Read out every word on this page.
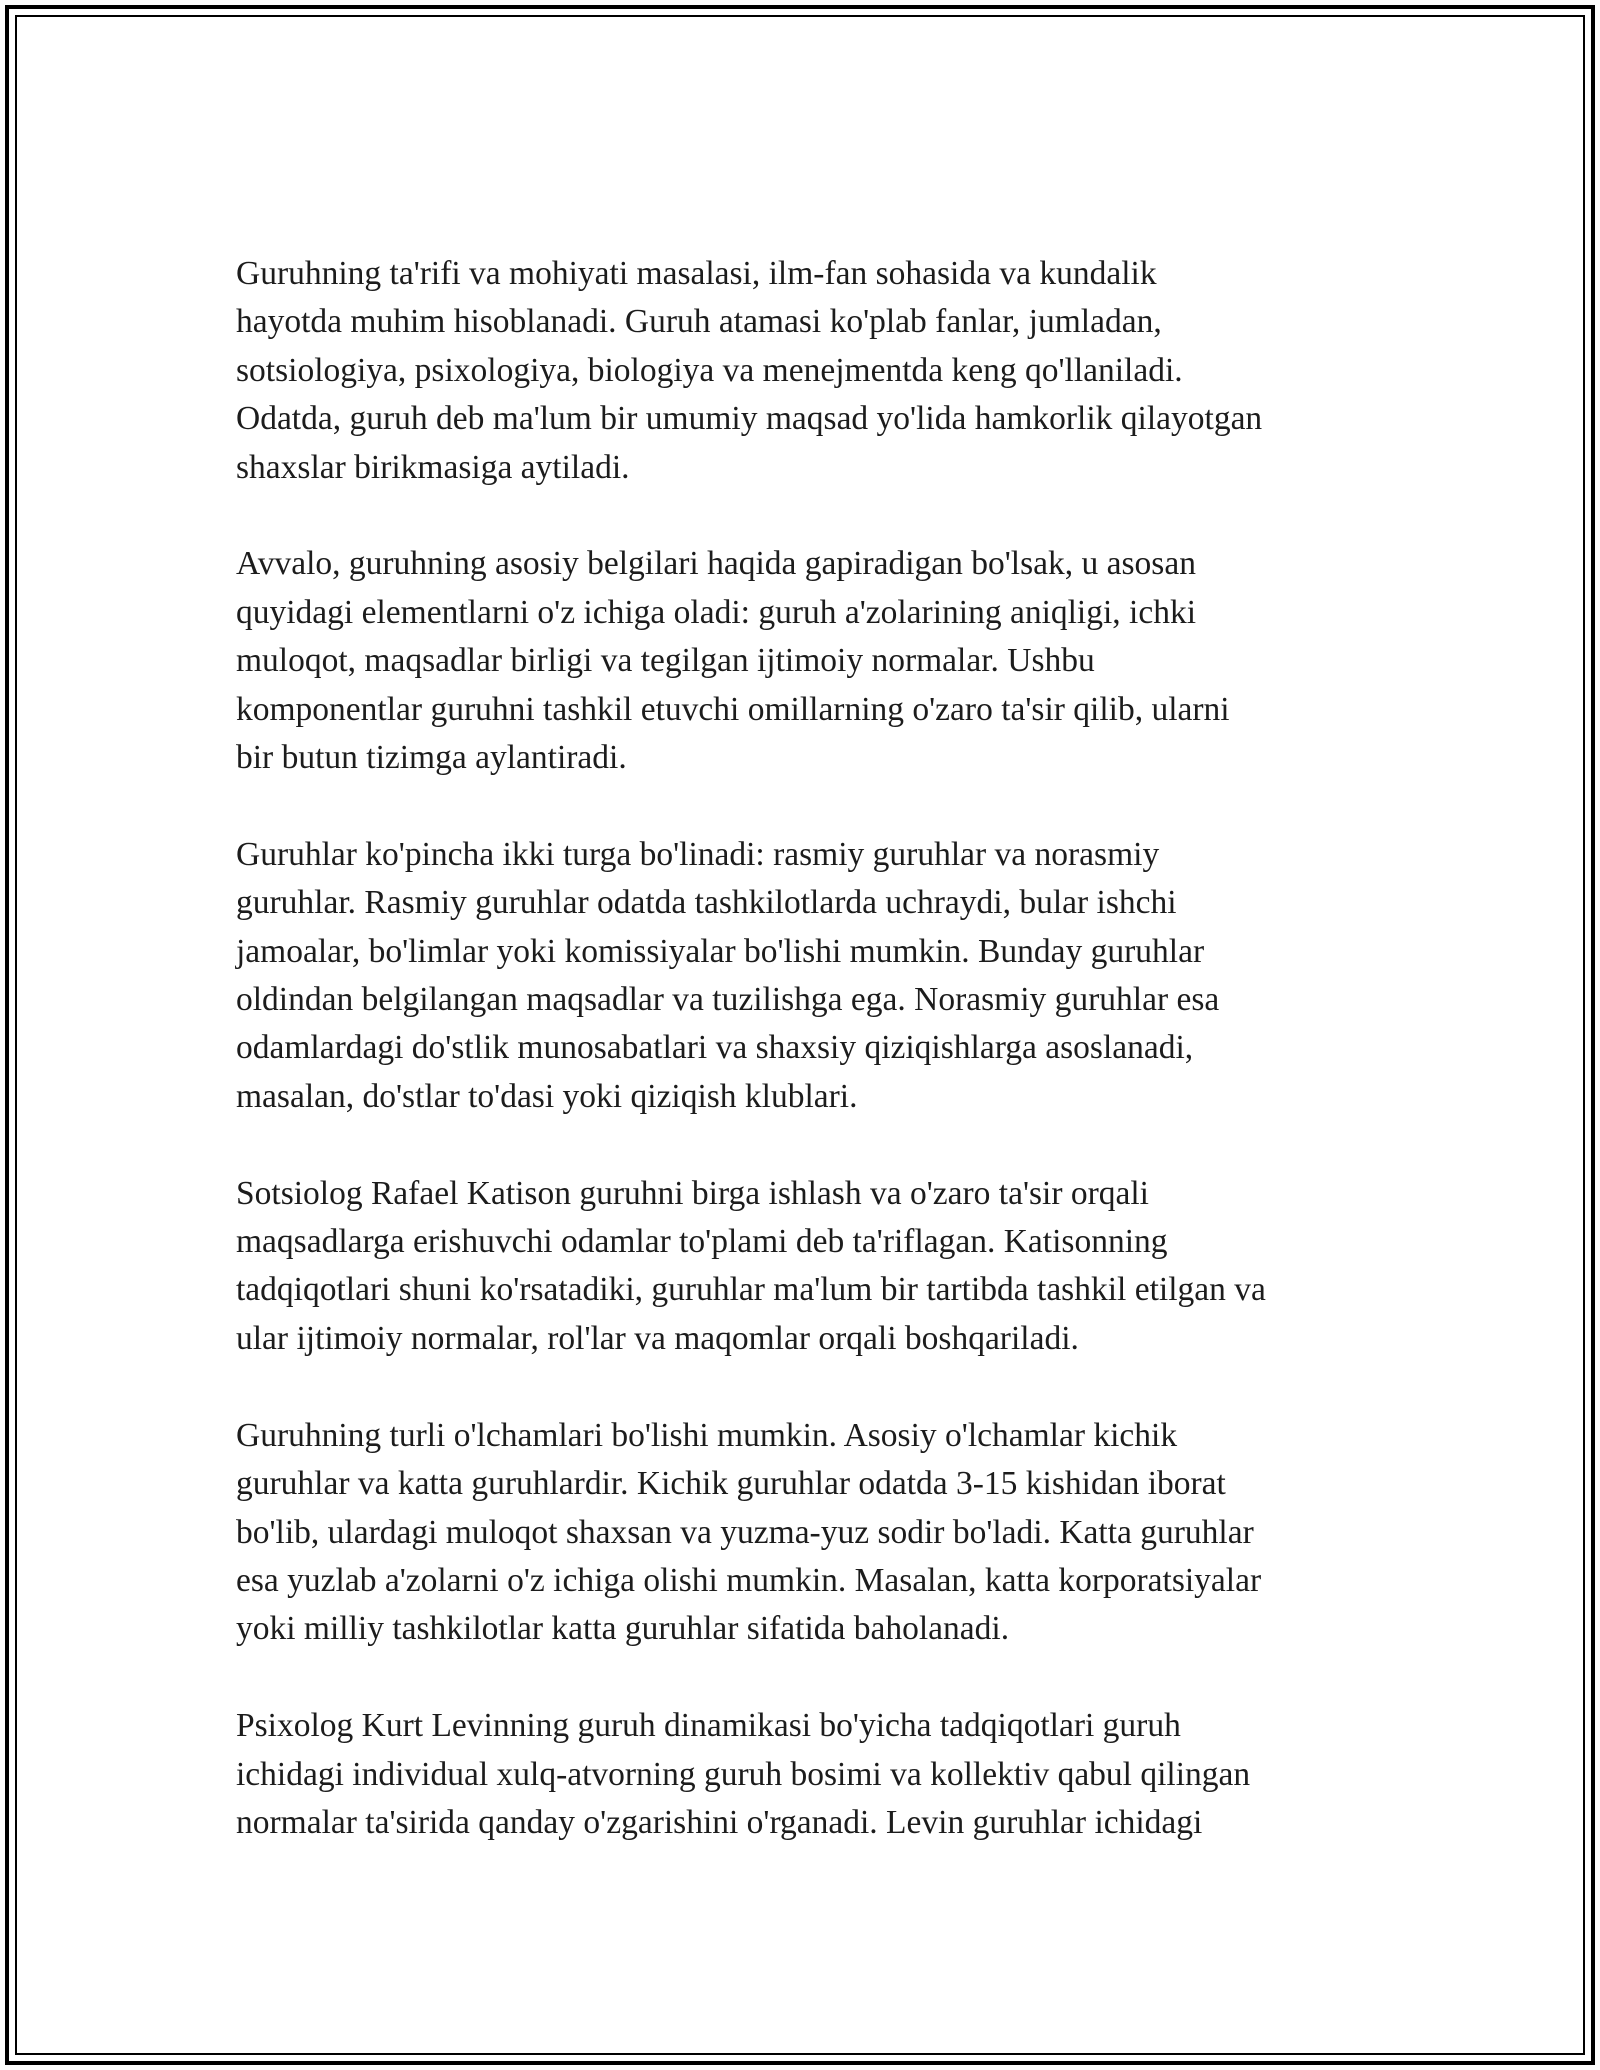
Guruhning ta'rifi va mohiyati masalasi, ilm-fan sohasida va kundalik
hayotda muhim hisoblanadi. Guruh atamasi ko'plab fanlar, jumladan,
sotsiologiya, psixologiya, biologiya va menejmentda keng qo'llaniladi.
Odatda, guruh deb ma'lum bir umumiy maqsad yo'lida hamkorlik qilayotgan
shaxslar birikmasiga aytiladi.

Avvalo, guruhning asosiy belgilari haqida gapiradigan bo'lsak, u asosan
quyidagi elementlarni o'z ichiga oladi: guruh a'zolarining aniqligi, ichki
muloqot, maqsadlar birligi va tegilgan ijtimoiy normalar. Ushbu
komponentlar guruhni tashkil etuvchi omillarning o'zaro ta'sir qilib, ularni
bir butun tizimga aylantiradi.

Guruhlar ko'pincha ikki turga bo'linadi: rasmiy guruhlar va norasmiy
guruhlar. Rasmiy guruhlar odatda tashkilotlarda uchraydi, bular ishchi
jamoalar, bo'limlar yoki komissiyalar bo'lishi mumkin. Bunday guruhlar
oldindan belgilangan maqsadlar va tuzilishga ega. Norasmiy guruhlar esa
odamlardagi do'stlik munosabatlari va shaxsiy qiziqishlarga asoslanadi,
masalan, do'stlar to'dasi yoki qiziqish klublari.

Sotsiolog Rafael Katison guruhni birga ishlash va o'zaro ta'sir orqali
maqsadlarga erishuvchi odamlar to'plami deb ta'riflagan. Katisonning
tadqiqotlari shuni ko'rsatadiki, guruhlar ma'lum bir tartibda tashkil etilgan va
ular ijtimoiy normalar, rol'lar va maqomlar orqali boshqariladi.

Guruhning turli o'lchamlari bo'lishi mumkin. Asosiy o'lchamlar kichik
guruhlar va katta guruhlardir. Kichik guruhlar odatda 3-15 kishidan iborat
bo'lib, ulardagi muloqot shaxsan va yuzma-yuz sodir bo'ladi. Katta guruhlar
esa yuzlab a'zolarni o'z ichiga olishi mumkin. Masalan, katta korporatsiyalar
yoki milliy tashkilotlar katta guruhlar sifatida baholanadi.

Psixolog Kurt Levinning guruh dinamikasi bo'yicha tadqiqotlari guruh
ichidagi individual xulq-atvorning guruh bosimi va kollektiv qabul qilingan
normalar ta'sirida qanday o'zgarishini o'rganadi. Levin guruhlar ichidagi
